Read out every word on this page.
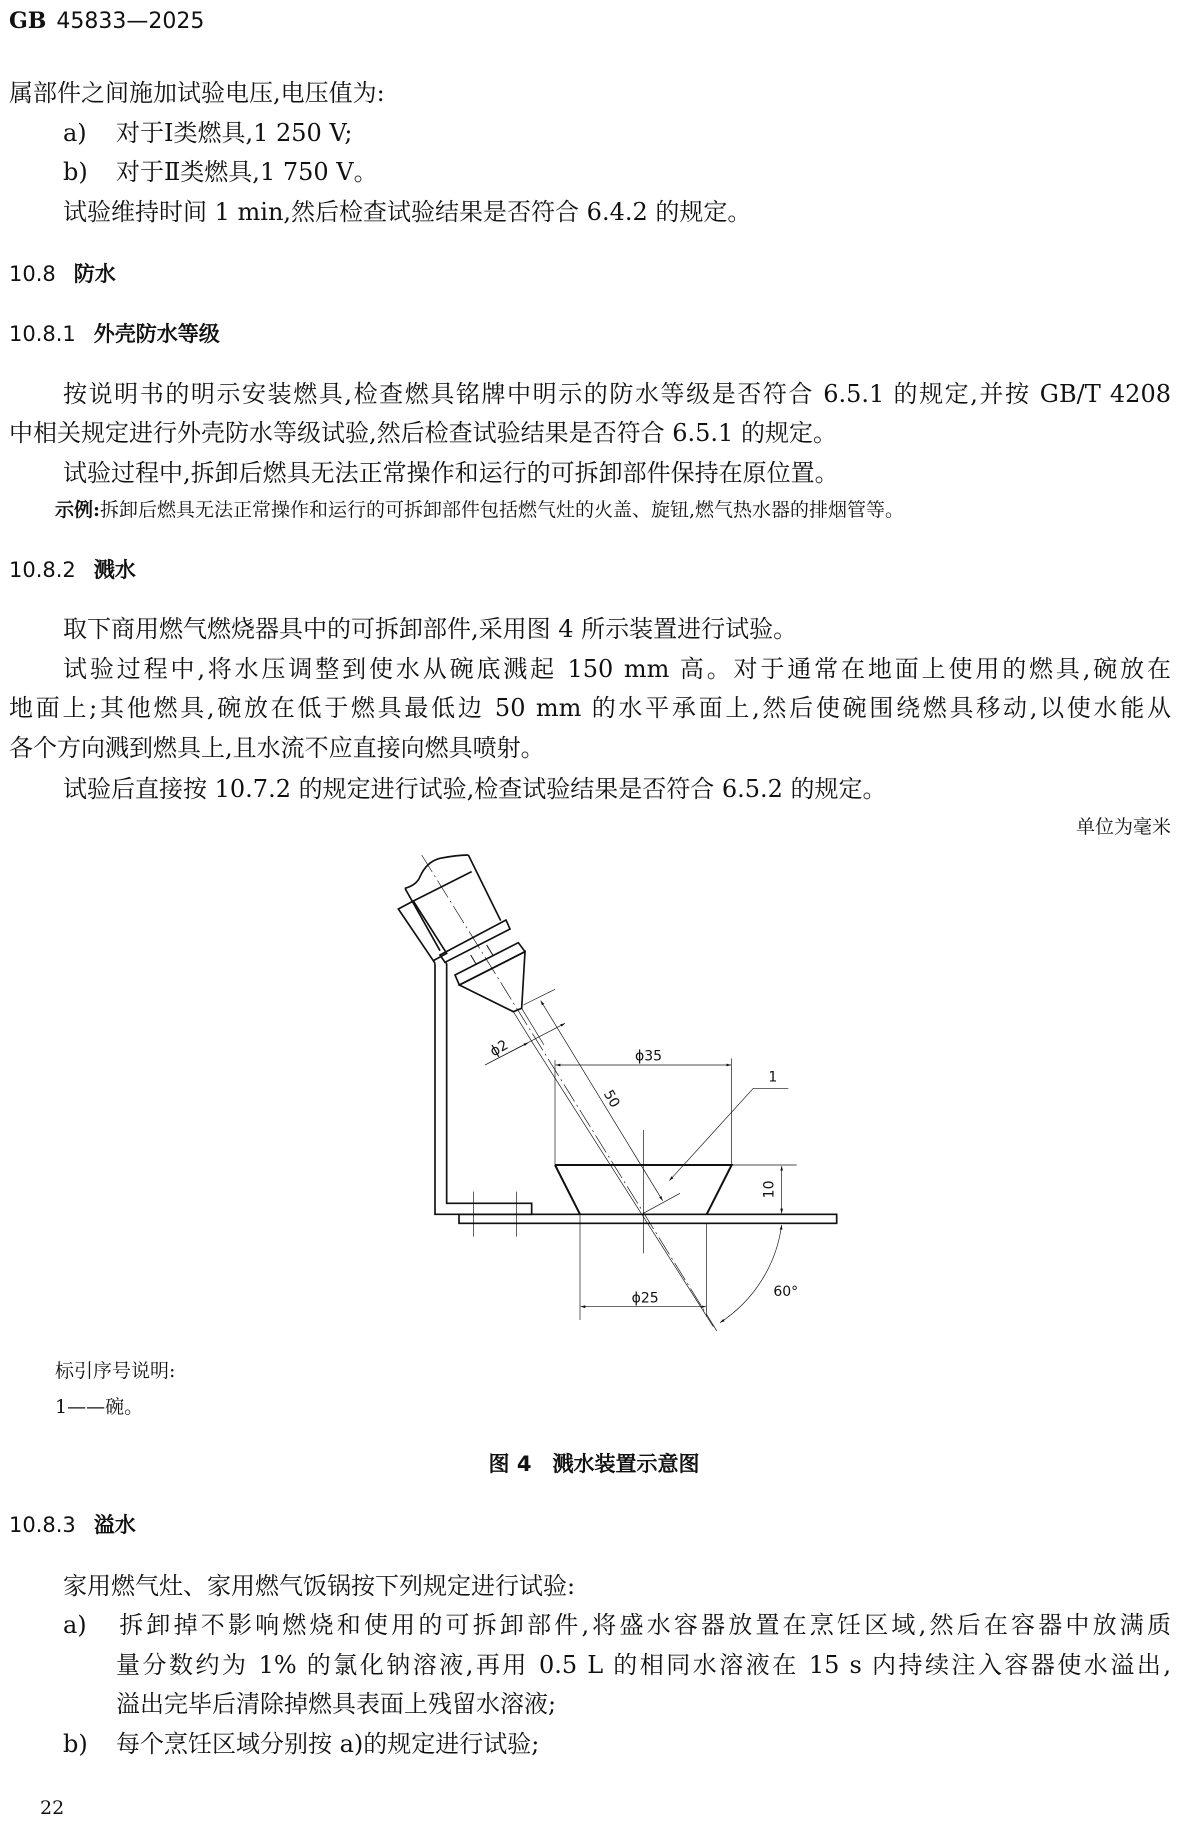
GB 45833—2025
属部件之间施加试验电压,电压值为:
a) 对于Ⅰ类燃具,1 250 V;
b) 对于Ⅱ类燃具,1 750 V。
试验维持时间 1 min,然后检查试验结果是否符合 6.4.2 的规定。
10.8 防水
10.8.1 外壳防水等级
按说明书的明示安装燃具,检查燃具铭牌中明示的防水等级是否符合 6.5.1 的规定,并按 GB/T 4208
中相关规定进行外壳防水等级试验,然后检查试验结果是否符合 6.5.1 的规定。
试验过程中,拆卸后燃具无法正常操作和运行的可拆卸部件保持在原位置。
示例:拆卸后燃具无法正常操作和运行的可拆卸部件包括燃气灶的火盖、旋钮,燃气热水器的排烟管等。
10.8.2 溅水
取下商用燃气燃烧器具中的可拆卸部件,采用图 4 所示装置进行试验。
试验过程中,将水压调整到使水从碗底溅起 150 mm 高。对于通常在地面上使用的燃具,碗放在
地面上;其他燃具,碗放在低于燃具最低边 50 mm 的水平承面上,然后使碗围绕燃具移动,以使水能从
各个方向溅到燃具上,且水流不应直接向燃具喷射。
试验后直接按 10.7.2 的规定进行试验,检查试验结果是否符合 6.5.2 的规定。
单位为毫米
ϕ2
50
ϕ35
ϕ25
10
60°
1
标引序号说明:
1——碗。
图 4　溅水装置示意图
10.8.3 溢水
家用燃气灶、家用燃气饭锅按下列规定进行试验:
a) 拆卸掉不影响燃烧和使用的可拆卸部件,将盛水容器放置在烹饪区域,然后在容器中放满质
量分数约为 1% 的氯化钠溶液,再用 0.5 L 的相同水溶液在 15 s 内持续注入容器使水溢出,
溢出完毕后清除掉燃具表面上残留水溶液;
b) 每个烹饪区域分别按 a)的规定进行试验;
22
